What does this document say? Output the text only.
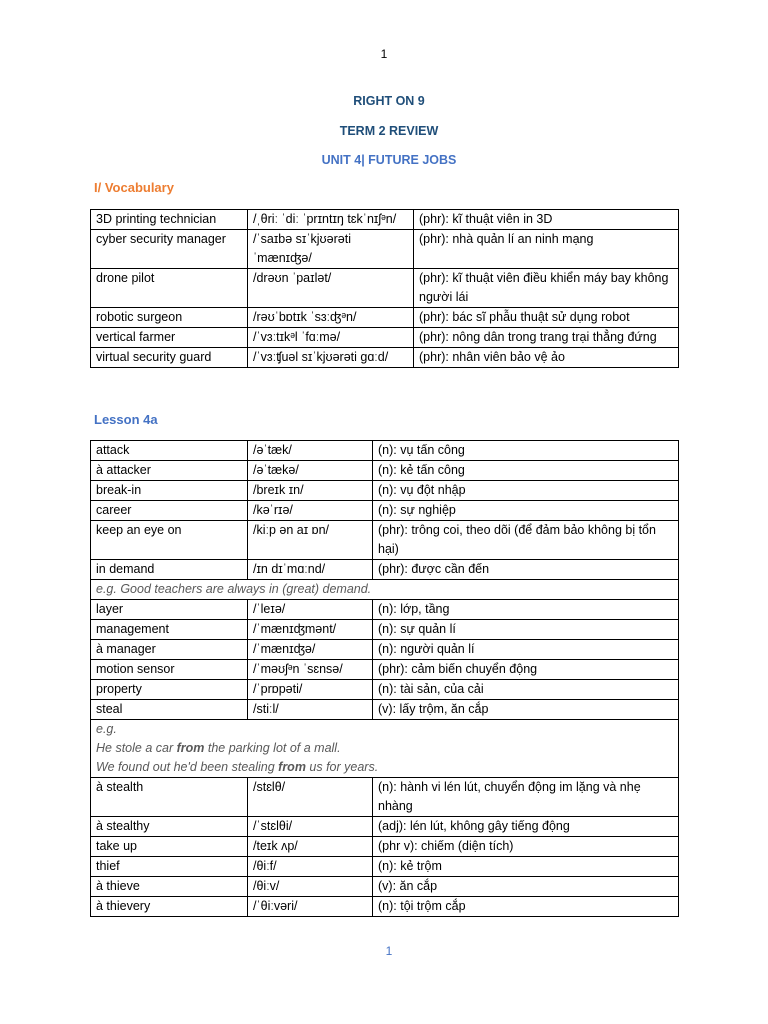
1
RIGHT ON 9
TERM 2 REVIEW
UNIT 4| FUTURE JOBS
I/ Vocabulary
3D printing technician	/ˌθriː ˈdiː ˈprɪntɪŋ tɛkˈnɪʃᵊn/	(phr): kĩ thuật viên in 3D
cyber security manager	/ˈsaɪbə sɪˈkjʊərəti ˈmænɪʤə/	(phr): nhà quản lí an ninh mạng
drone pilot	/drəʊn ˈpaɪlət/	(phr): kĩ thuật viên điều khiển máy bay không người lái
robotic surgeon	/rəʊˈbɒtɪk ˈsɜːʤᵊn/	(phr): bác sĩ phẫu thuật sử dụng robot
vertical farmer	/ˈvɜːtɪkᵊl ˈfɑːmə/	(phr): nông dân trong trang trại thẳng đứng
virtual security guard	/ˈvɜːʧuəl sɪˈkjʊərəti gɑːd/	(phr): nhân viên bảo vệ ảo
Lesson 4a
attack	/əˈtæk/	(n): vụ tấn công
à attacker	/əˈtækə/	(n): kẻ tấn công
break-in	/breɪk ɪn/	(n): vụ đột nhập
career	/kəˈrɪə/	(n): sự nghiệp
keep an eye on	/kiːp ən aɪ ɒn/	(phr): trông coi, theo dõi (để đảm bảo không bị tổn hại)
in demand	/ɪn dɪˈmɑːnd/	(phr): được cần đến
e.g. Good teachers are always in (great) demand.		
layer	/ˈleɪə/	(n): lớp, tầng
management	/ˈmænɪʤmənt/	(n): sự quản lí
à manager	/ˈmænɪʤə/	(n): người quản lí
motion sensor	/ˈməʊʃᵊn ˈsɛnsə/	(phr): cảm biến chuyển động
property	/ˈprɒpəti/	(n): tài sản, của cải
steal	/stiːl/	(v): lấy trộm, ăn cắp

e.g.
He stole a car from the parking lot of a mall.
We found out he'd been stealing from us for years.		

à stealth	/stɛlθ/	(n): hành vi lén lút, chuyển động im lặng và nhẹ nhàng
à stealthy	/ˈstɛlθi/	(adj): lén lút, không gây tiếng động
take up	/teɪk ʌp/	(phr v): chiếm (diện tích)
thief	/θiːf/	(n): kẻ trộm
à thieve	/θiːv/	(v): ăn cắp
à thievery	/ˈθiːvəri/	(n): tội trộm cắp
1
